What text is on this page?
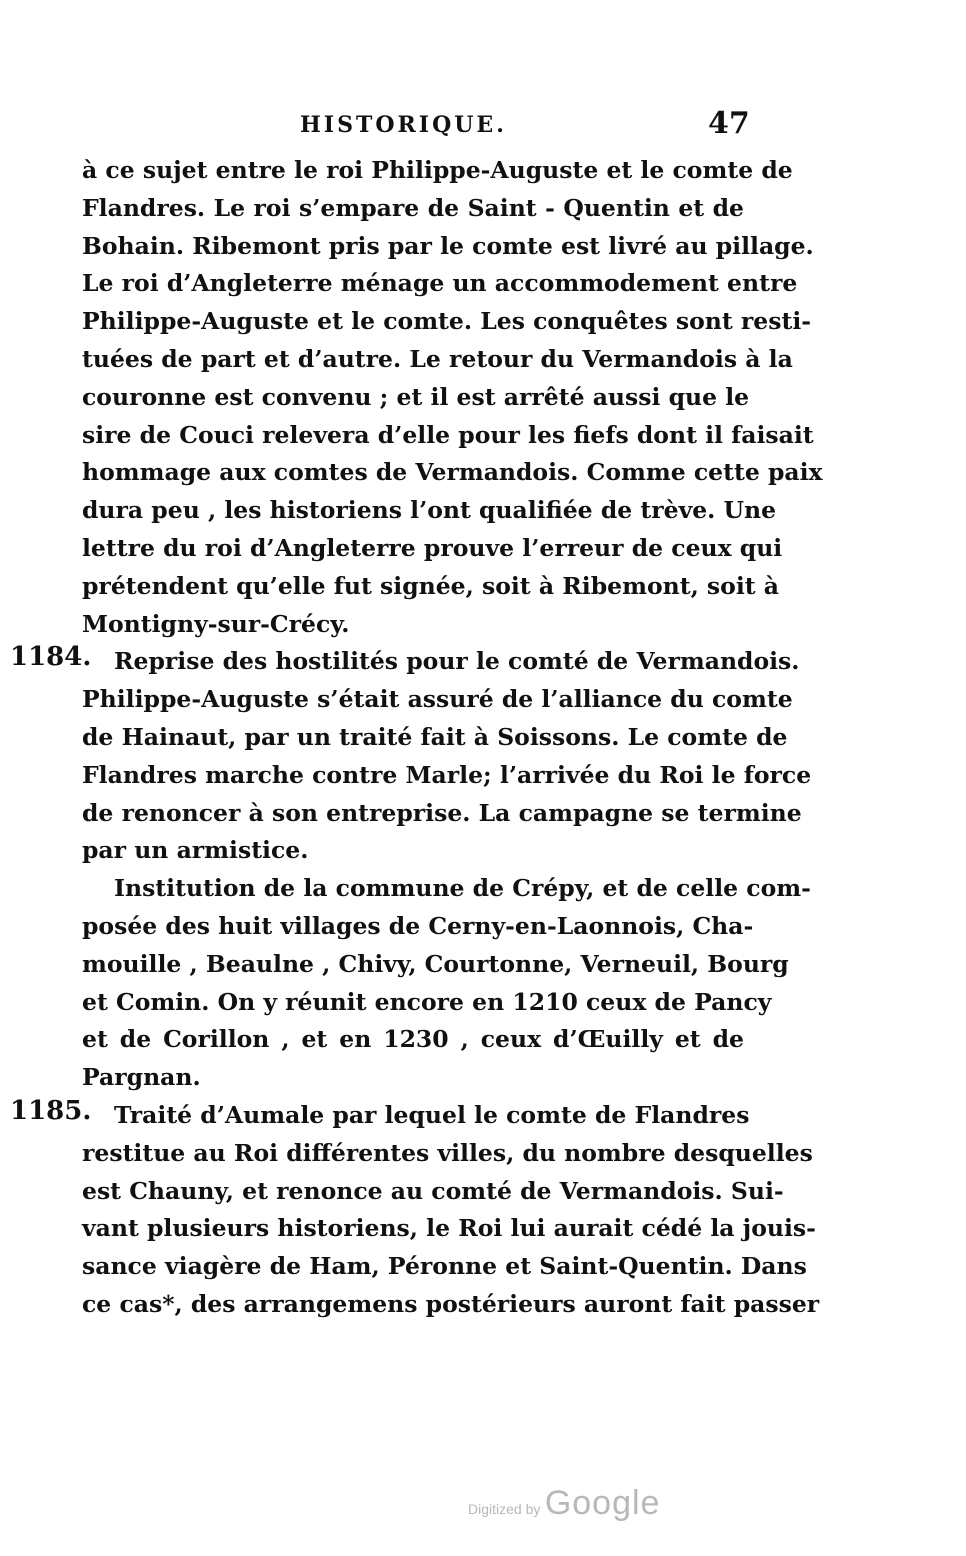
HISTORIQUE.	47
à ce sujet entre le roi Philippe-Auguste et le comte de
Flandres. Le roi s’empare de Saint - Quentin et de
Bohain. Ribemont pris par le comte est livré au pillage.
Le roi d’Angleterre ménage un accommodement entre
Philippe-Auguste et le comte. Les conquêtes sont resti-
tuées de part et d’autre. Le retour du Vermandois à la
couronne est convenu ; et il est arrêté aussi que le
sire de Couci relevera d’elle pour les fiefs dont il faisait
hommage aux comtes de Vermandois. Comme cette paix
dura peu , les historiens l’ont qualifiée de trève. Une
lettre du roi d’Angleterre prouve l’erreur de ceux qui
prétendent qu’elle fut signée, soit à Ribemont, soit à
Montigny-sur-Crécy.
Reprise des hostilités pour le comté de Vermandois.
Philippe-Auguste s’était assuré de l’alliance du comte
de Hainaut, par un traité fait à Soissons. Le comte de
Flandres marche contre Marle; l’arrivée du Roi le force
de renoncer à son entreprise. La campagne se termine
par un armistice.
Institution de la commune de Crépy, et de celle com-
posée des huit villages de Cerny-en-Laonnois, Cha-
mouille , Beaulne , Chivy, Courtonne, Verneuil, Bourg
et Comin. On y réunit encore en 1210 ceux de Pancy
et de Corillon , et en 1230 , ceux d’Œuilly et de
Pargnan.
Traité d’Aumale par lequel le comte de Flandres
restitue au Roi différentes villes, du nombre desquelles
est Chauny, et renonce au comté de Vermandois. Sui-
vant plusieurs historiens, le Roi lui aurait cédé la jouis-
sance viagère de Ham, Péronne et Saint-Quentin. Dans
ce cas*, des arrangemens postérieurs auront fait passer
1184.
1185.
Digitized by Google
